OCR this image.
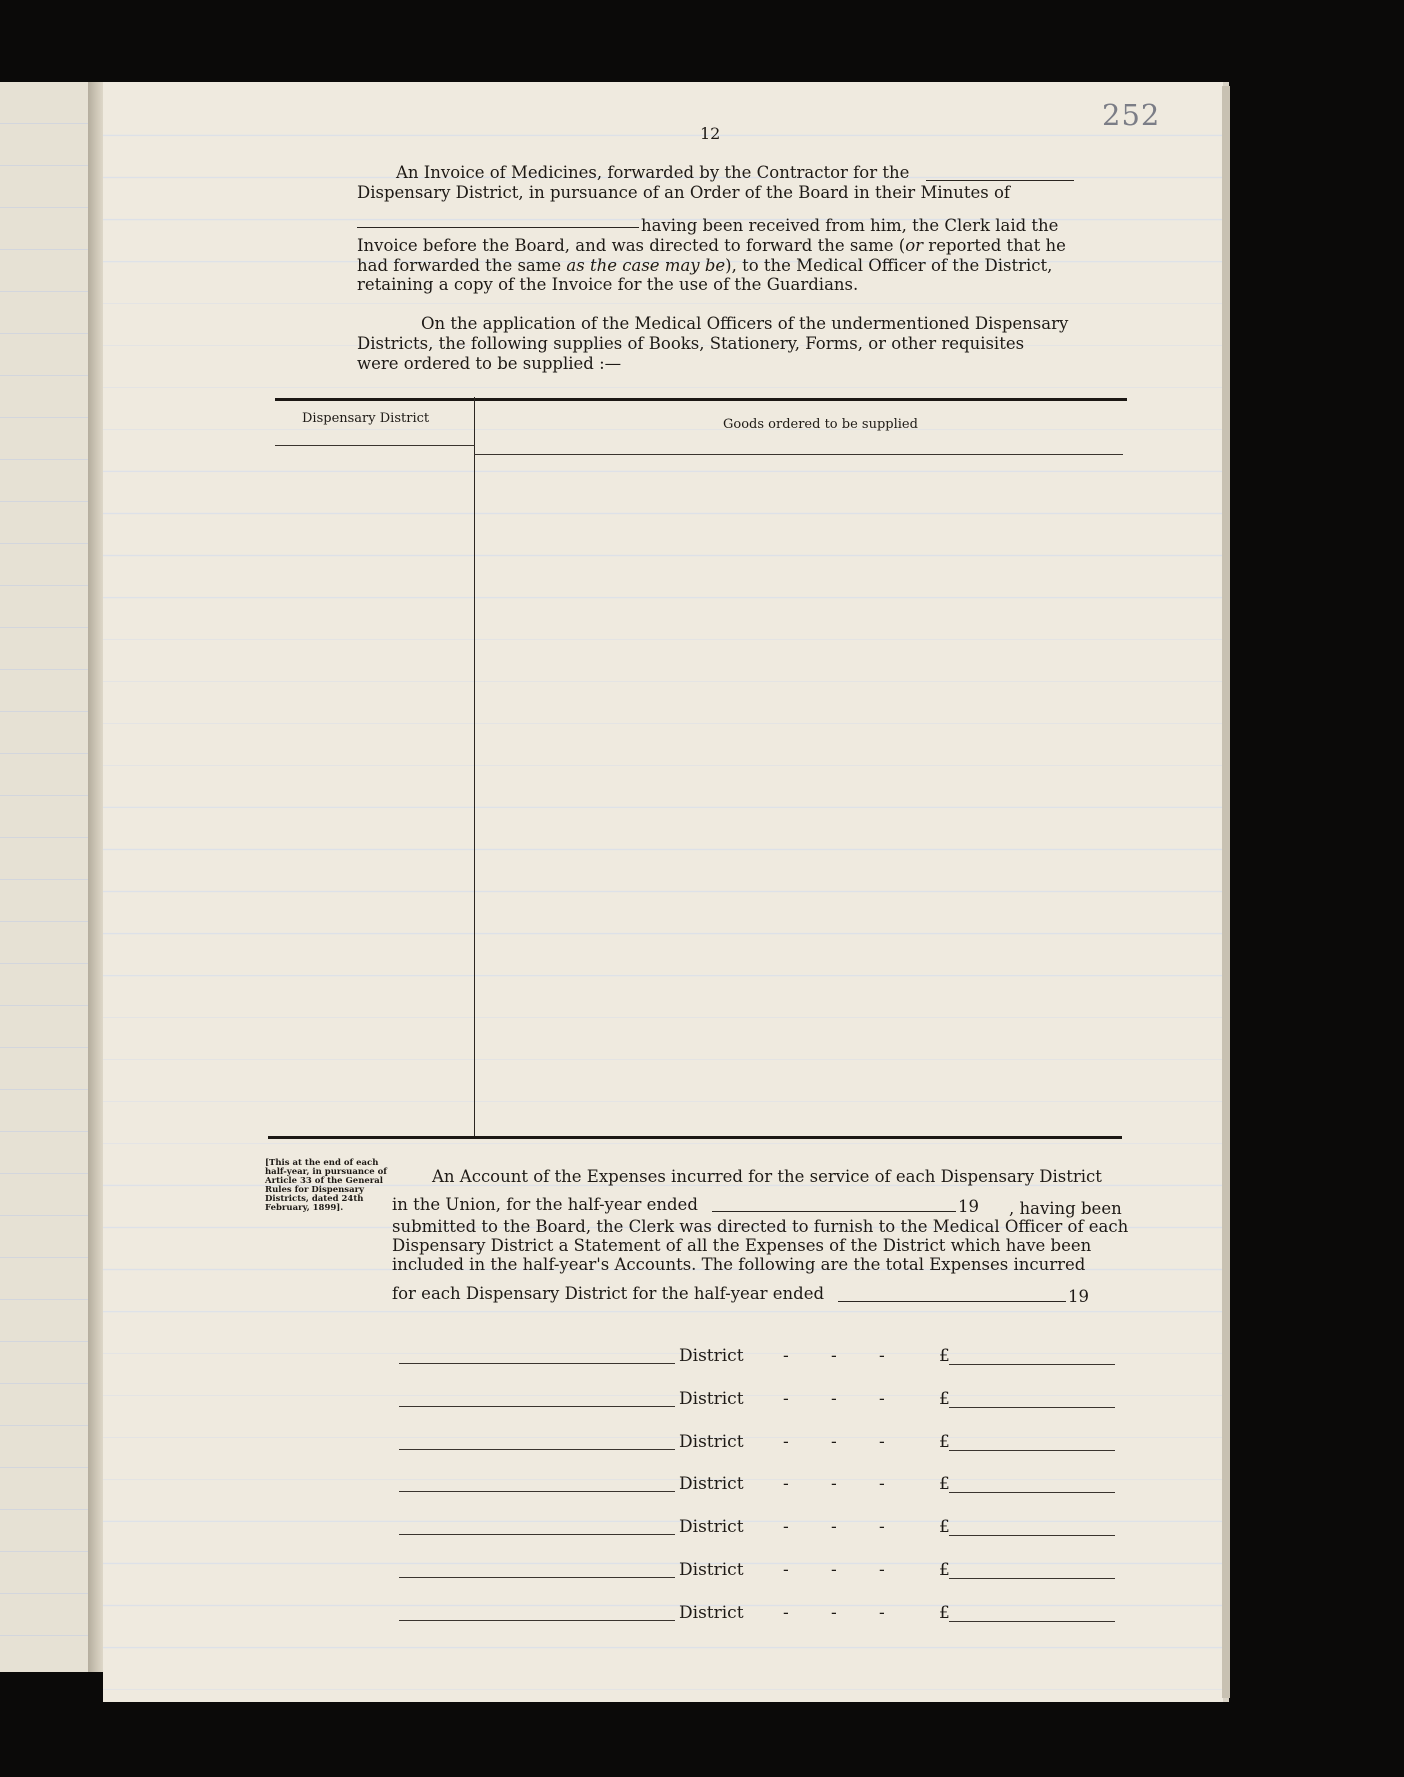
252
12
An Invoice of Medicines, forwarded by the Contractor for the
Dispensary District, in pursuance of an Order of the Board in their Minutes of
having been received from him, the Clerk laid the
Invoice before the Board, and was directed to forward the same (or reported that he
had forwarded the same as the case may be), to the Medical Officer of the District,
retaining a copy of the Invoice for the use of the Guardians.
On the application of the Medical Officers of the undermentioned Dispensary
Districts, the following supplies of Books, Stationery, Forms, or other requisites
were ordered to be supplied :—
Dispensary District	Goods ordered to be supplied
[This at the end of each half-year, in pursuance of Article 33 of the General Rules for Dispensary Districts, dated 24th February, 1899].
An Account of the Expenses incurred for the service of each Dispensary District
in the Union, for the half-year ended	19 , having been
submitted to the Board, the Clerk was directed to furnish to the Medical Officer of each
Dispensary District a Statement of all the Expenses of the District which have been
included in the half-year's Accounts. The following are the total Expenses incurred
for each Dispensary District for the half-year ended	19
District - - -	£
District - - -	£
District - - -	£
District - - -	£
District - - -	£
District - - -	£
District - - -	£
